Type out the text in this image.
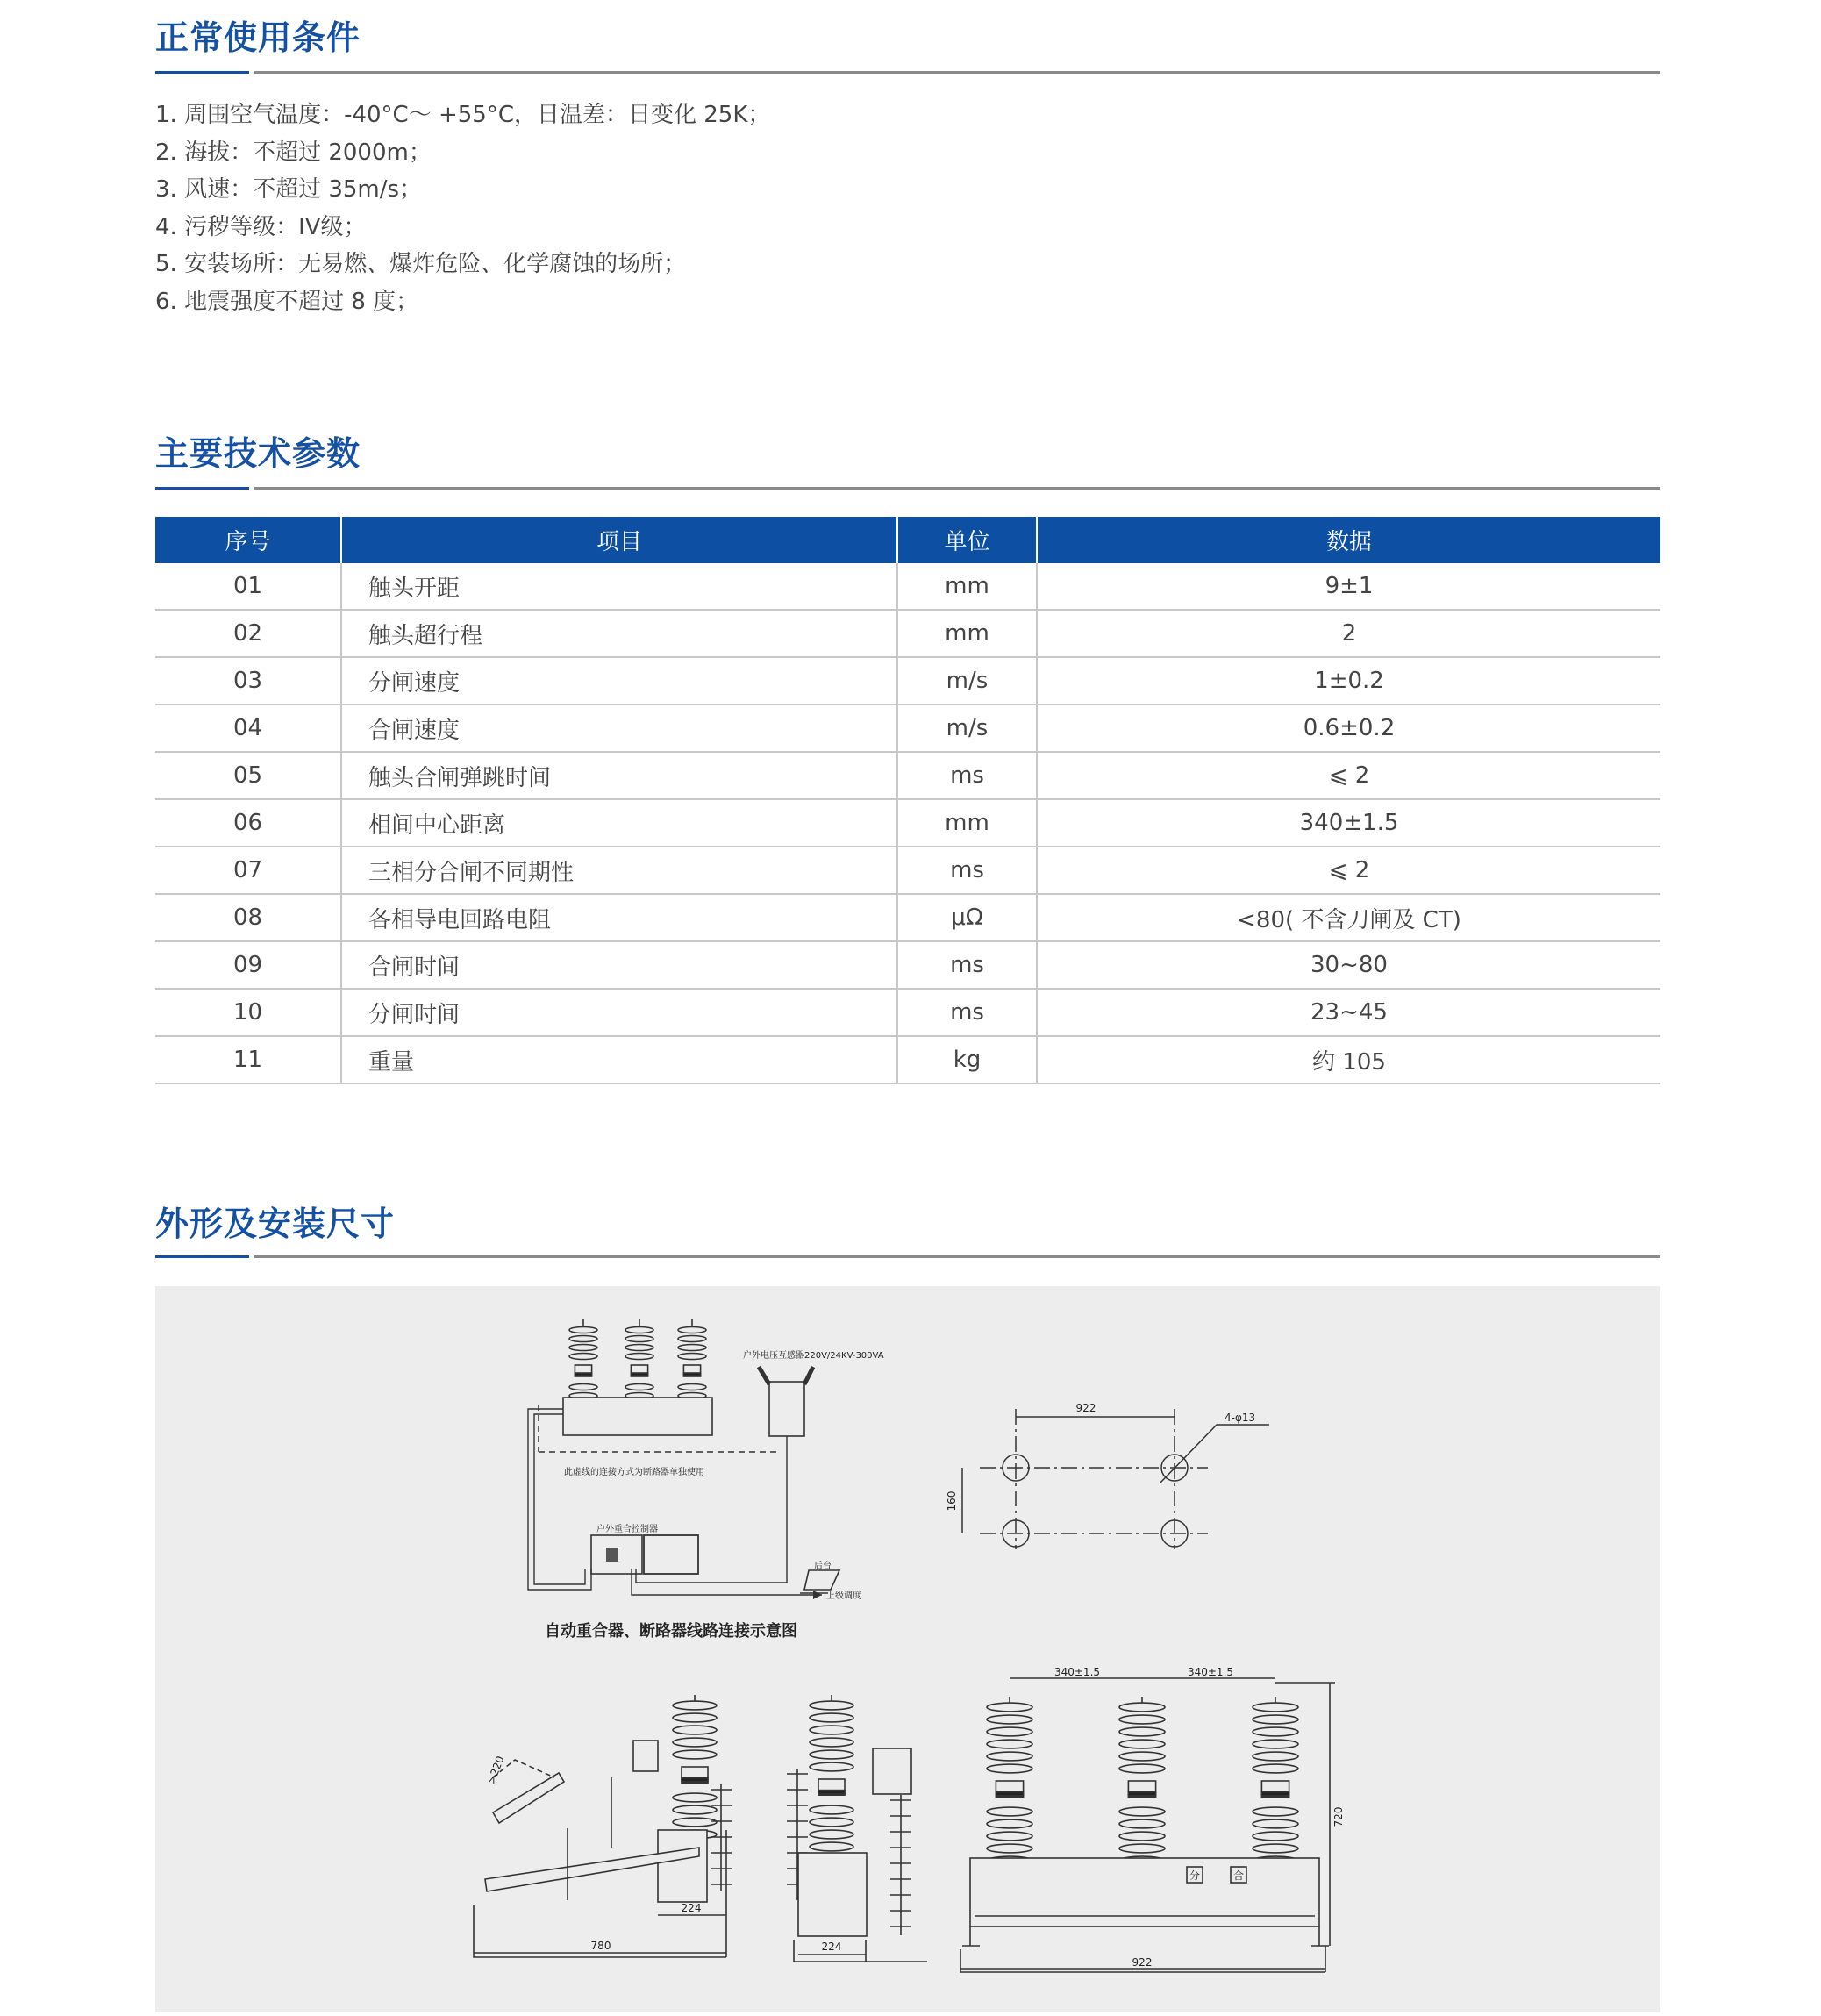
正常使用条件
1. 周围空气温度：-40°C～ +55°C，日温差：日变化 25K；
2. 海拔：不超过 2000m；
3. 风速：不超过 35m/s；
4. 污秽等级：IV级；
5. 安装场所：无易燃、爆炸危险、化学腐蚀的场所；
6. 地震强度不超过 8 度；
主要技术参数
序号	项目	单位	数据
01	触头开距	mm	9±1
02	触头超行程	mm	2
03	分闸速度	m/s	1±0.2
04	合闸速度	m/s	0.6±0.2
05	触头合闸弹跳时间	ms	⩽ 2
06	相间中心距离	mm	340±1.5
07	三相分合闸不同期性	ms	⩽ 2
08	各相导电回路电阻	μΩ	<80( 不含刀闸及 CT)
09	合闸时间	ms	30~80
10	分闸时间	ms	23~45
11	重量	kg	约 105
外形及安装尺寸
户外电压互感器220V/24KV-300VA
此虚线的连接方式为断路器单独使用
户外重合控制器
后台
上级调度
自动重合器、断路器线路连接示意图
922
4-φ13
160
780
224
>220
224
分	合
340±1.5	340±1.5
720
922
